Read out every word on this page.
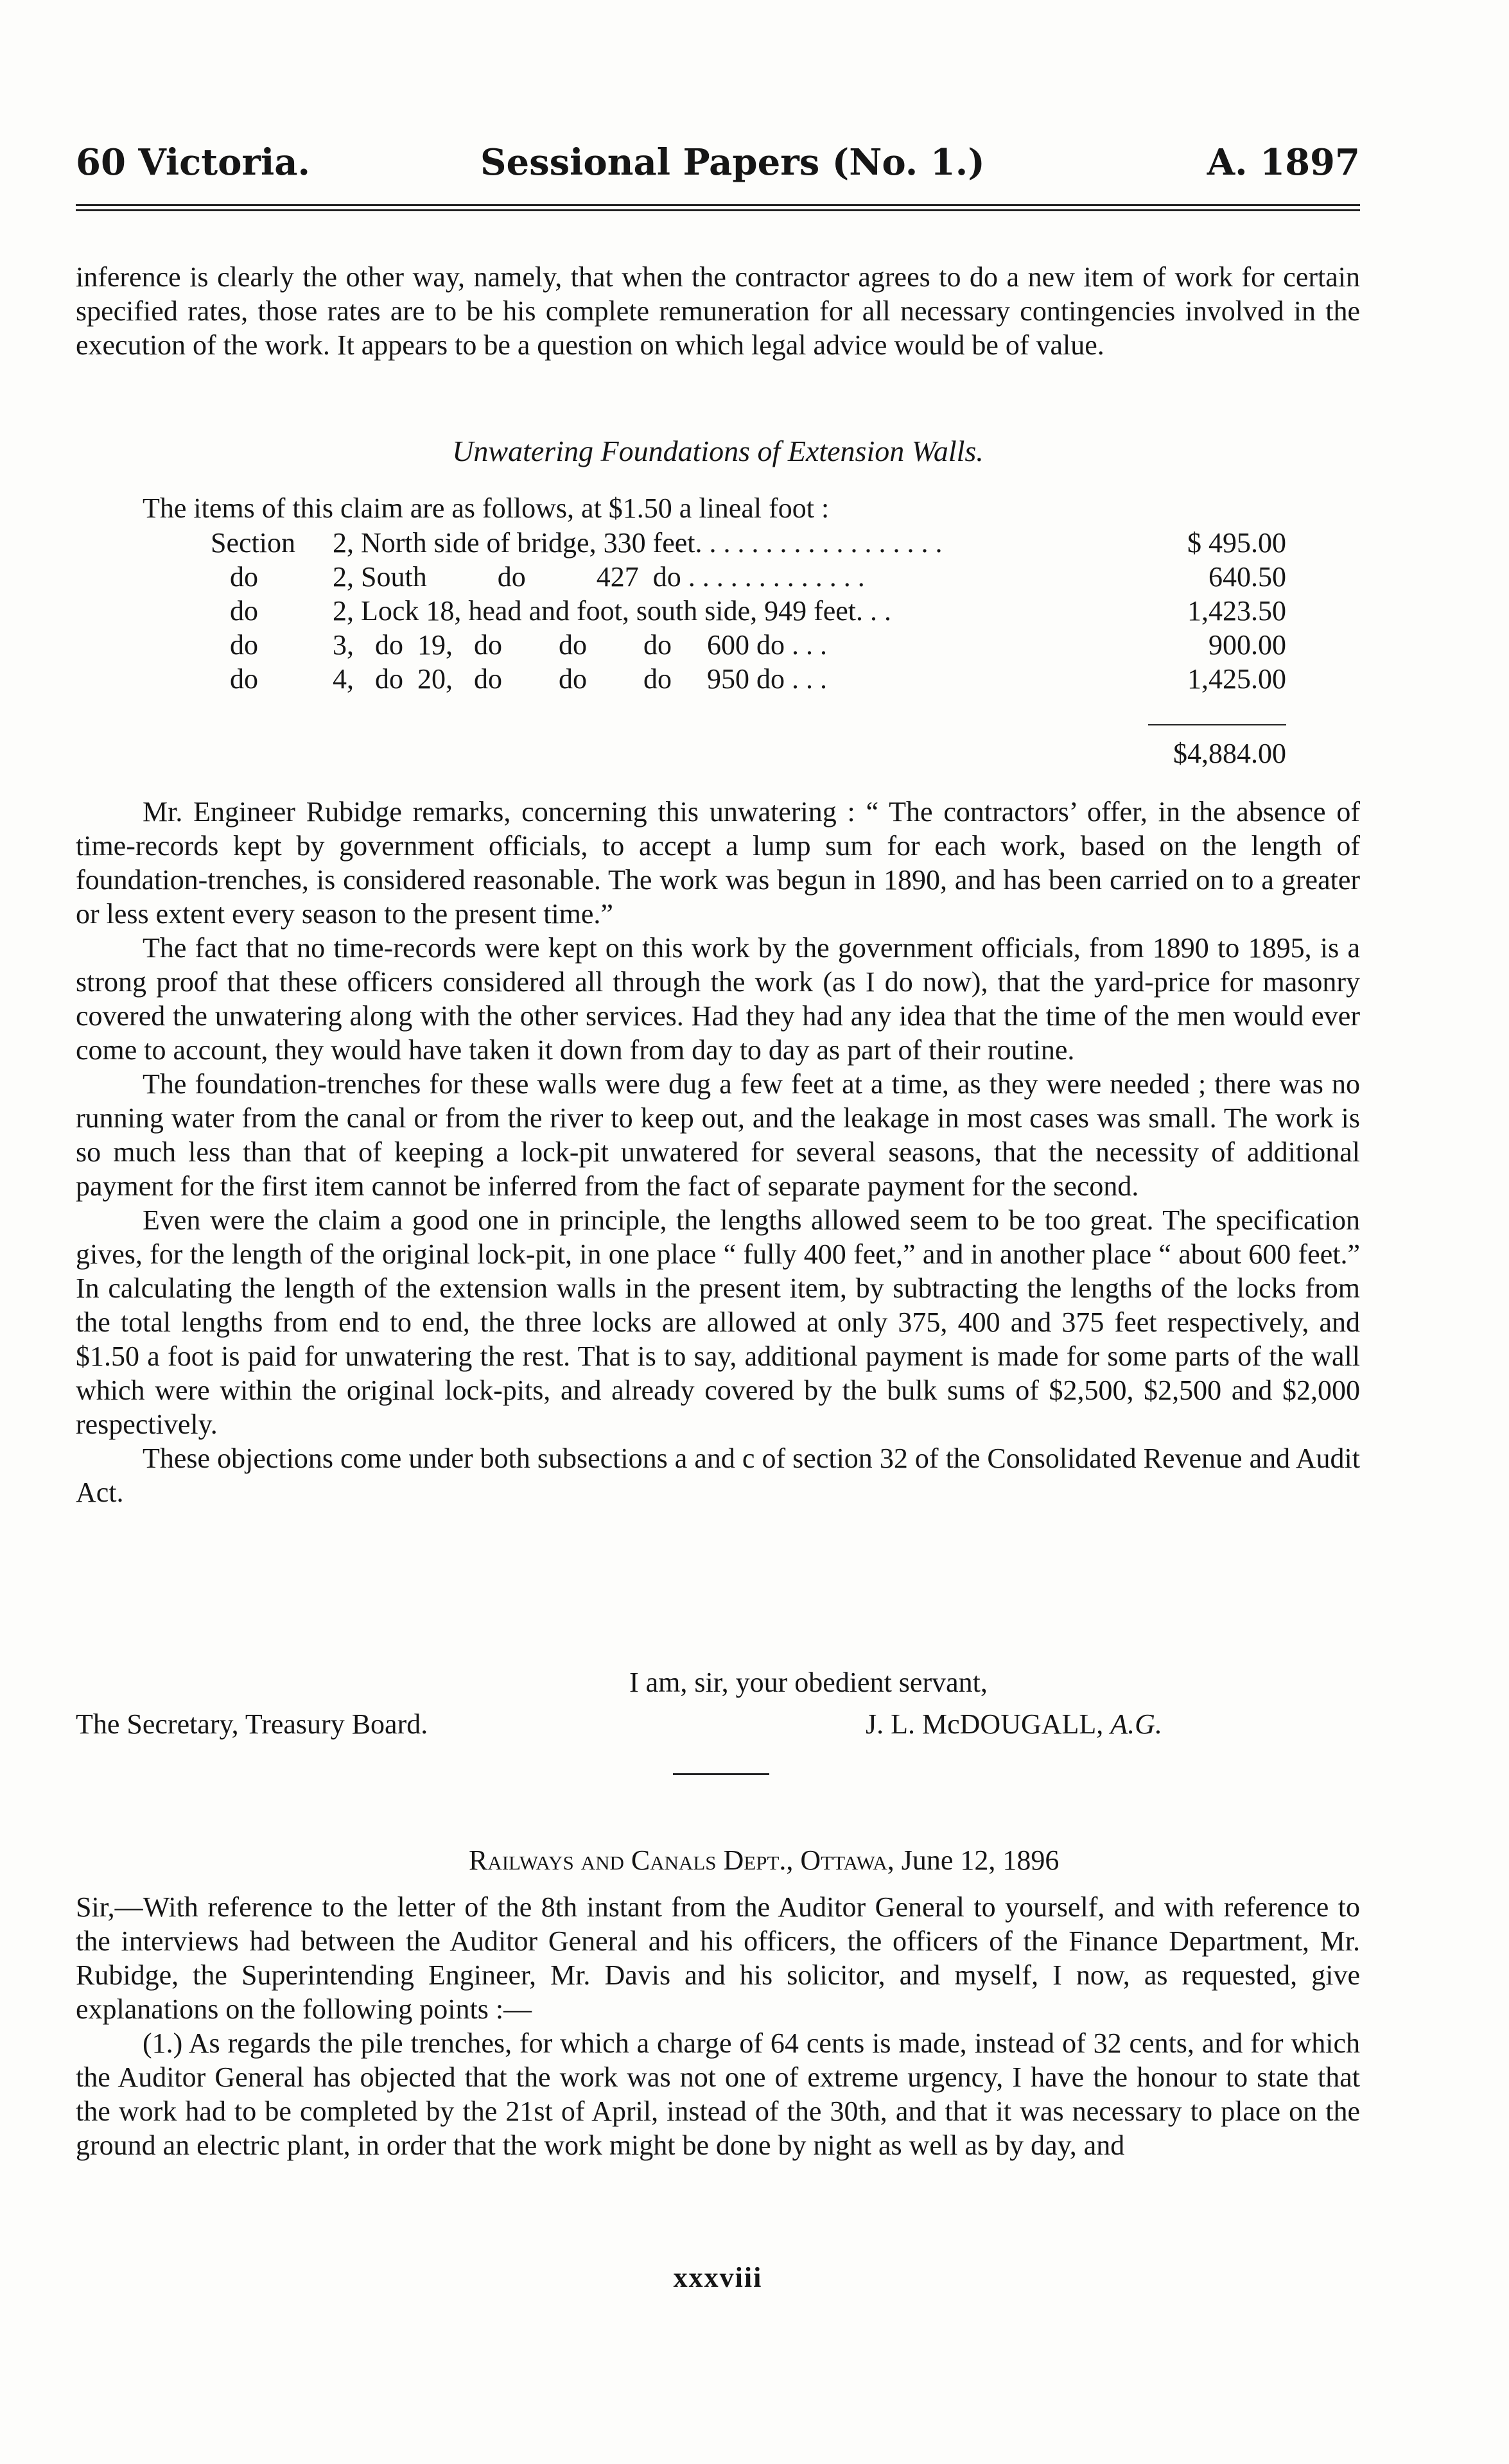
60 Victoria.	Sessional Papers (No. 1.)	A. 1897

inference is clearly the other way, namely, that when the contractor agrees to do a new item of work for certain specified rates, those rates are to be his complete remuneration for all necessary contingencies involved in the execution of the work. It appears to be a question on which legal advice would be of value.

Unwatering Foundations of Extension Walls.

The items of this claim are as follows, at $1.50 a lineal foot :

Section	2, North side of bridge, 330 feet. . . . . . . . . . . . . . . . . .	$ 495.00
do	2, South          do          427  do . . . . . . . . . . . . .	640.50
do	2, Lock 18, head and foot, south side, 949 feet. . .	1,423.50
do	3,   do  19,   do        do        do     600 do . . .	900.00
do	4,   do  20,   do        do        do     950 do . . .	1,425.00
$4,884.00

Mr. Engineer Rubidge remarks, concerning this unwatering : “ The contractors’ offer, in the absence of time-records kept by government officials, to accept a lump sum for each work, based on the length of foundation-trenches, is considered reasonable. The work was begun in 1890, and has been carried on to a greater or less extent every season to the present time.”

The fact that no time-records were kept on this work by the government officials, from 1890 to 1895, is a strong proof that these officers considered all through the work (as I do now), that the yard-price for masonry covered the unwatering along with the other services. Had they had any idea that the time of the men would ever come to account, they would have taken it down from day to day as part of their routine.

The foundation-trenches for these walls were dug a few feet at a time, as they were needed ; there was no running water from the canal or from the river to keep out, and the leakage in most cases was small. The work is so much less than that of keeping a lock-pit unwatered for several seasons, that the necessity of additional payment for the first item cannot be inferred from the fact of separate payment for the second.

Even were the claim a good one in principle, the lengths allowed seem to be too great. The specification gives, for the length of the original lock-pit, in one place “ fully 400 feet,” and in another place “ about 600 feet.” In calculating the length of the extension walls in the present item, by subtracting the lengths of the locks from the total lengths from end to end, the three locks are allowed at only 375, 400 and 375 feet respectively, and $1.50 a foot is paid for unwatering the rest. That is to say, additional payment is made for some parts of the wall which were within the original lock-pits, and already covered by the bulk sums of $2,500, $2,500 and $2,000 respectively.

These objections come under both subsections a and c of section 32 of the Consolidated Revenue and Audit Act.

I am, sir, your obedient servant,
The Secretary, Treasury Board.	J. L. McDOUGALL, A.G.
Railways and Canals Dept., Ottawa, June 12, 1896

Sir,—With reference to the letter of the 8th instant from the Auditor General to yourself, and with reference to the interviews had between the Auditor General and his officers, the officers of the Finance Department, Mr. Rubidge, the Superintending Engineer, Mr. Davis and his solicitor, and myself, I now, as requested, give explanations on the following points :—

(1.) As regards the pile trenches, for which a charge of 64 cents is made, instead of 32 cents, and for which the Auditor General has objected that the work was not one of extreme urgency, I have the honour to state that the work had to be completed by the 21st of April, instead of the 30th, and that it was necessary to place on the ground an electric plant, in order that the work might be done by night as well as by day, and

xxxviii
